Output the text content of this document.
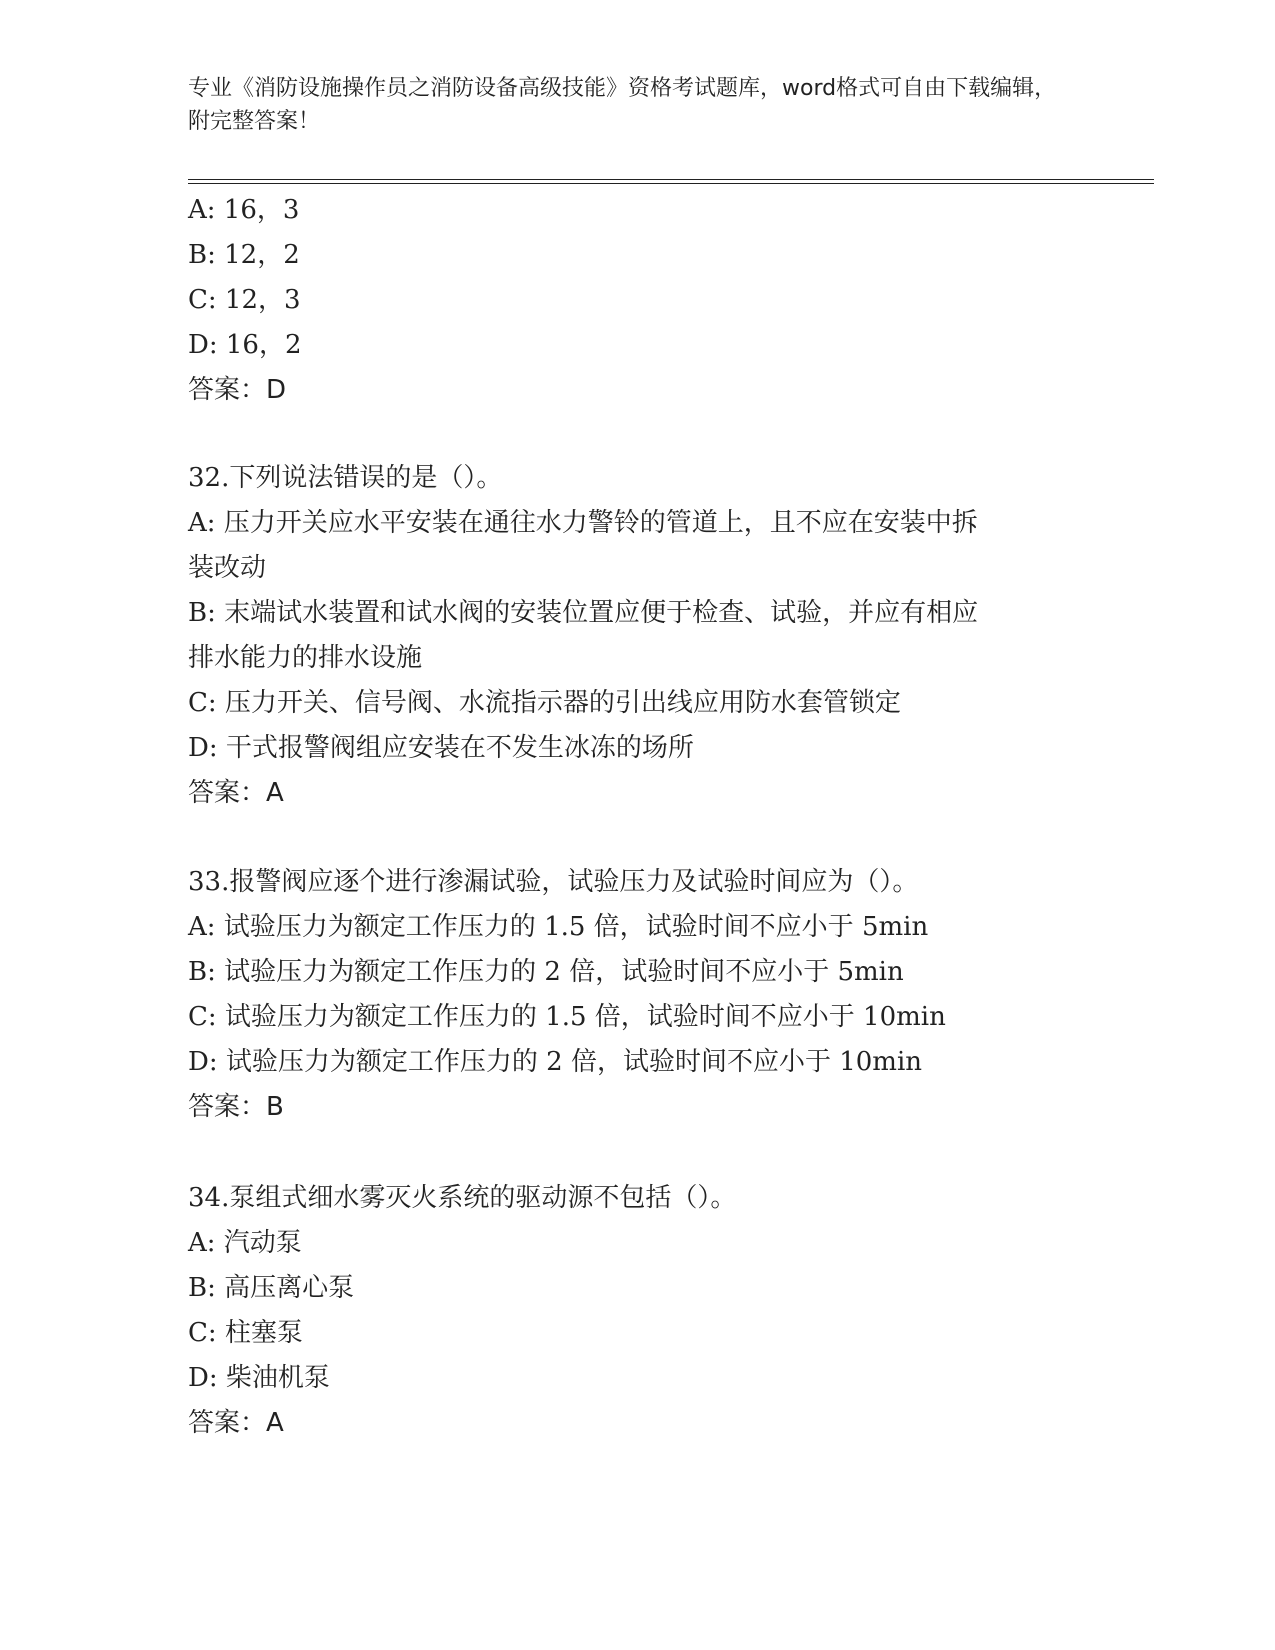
专业《消防设施操作员之消防设备高级技能》资格考试题库，word格式可自由下载编辑，附完整答案！
A: 16，3
B: 12，2
C: 12，3
D: 16，2
答案：D
32.下列说法错误的是（）。
A: 压力开关应水平安装在通往水力警铃的管道上，且不应在安装中拆
装改动
B: 末端试水装置和试水阀的安装位置应便于检查、试验，并应有相应
排水能力的排水设施
C: 压力开关、信号阀、水流指示器的引出线应用防水套管锁定
D: 干式报警阀组应安装在不发生冰冻的场所
答案：A
33.报警阀应逐个进行渗漏试验，试验压力及试验时间应为（）。
A: 试验压力为额定工作压力的 1.5 倍，试验时间不应小于 5min
B: 试验压力为额定工作压力的 2 倍，试验时间不应小于 5min
C: 试验压力为额定工作压力的 1.5 倍，试验时间不应小于 10min
D: 试验压力为额定工作压力的 2 倍，试验时间不应小于 10min
答案：B
34.泵组式细水雾灭火系统的驱动源不包括（）。
A: 汽动泵
B: 高压离心泵
C: 柱塞泵
D: 柴油机泵
答案：A
